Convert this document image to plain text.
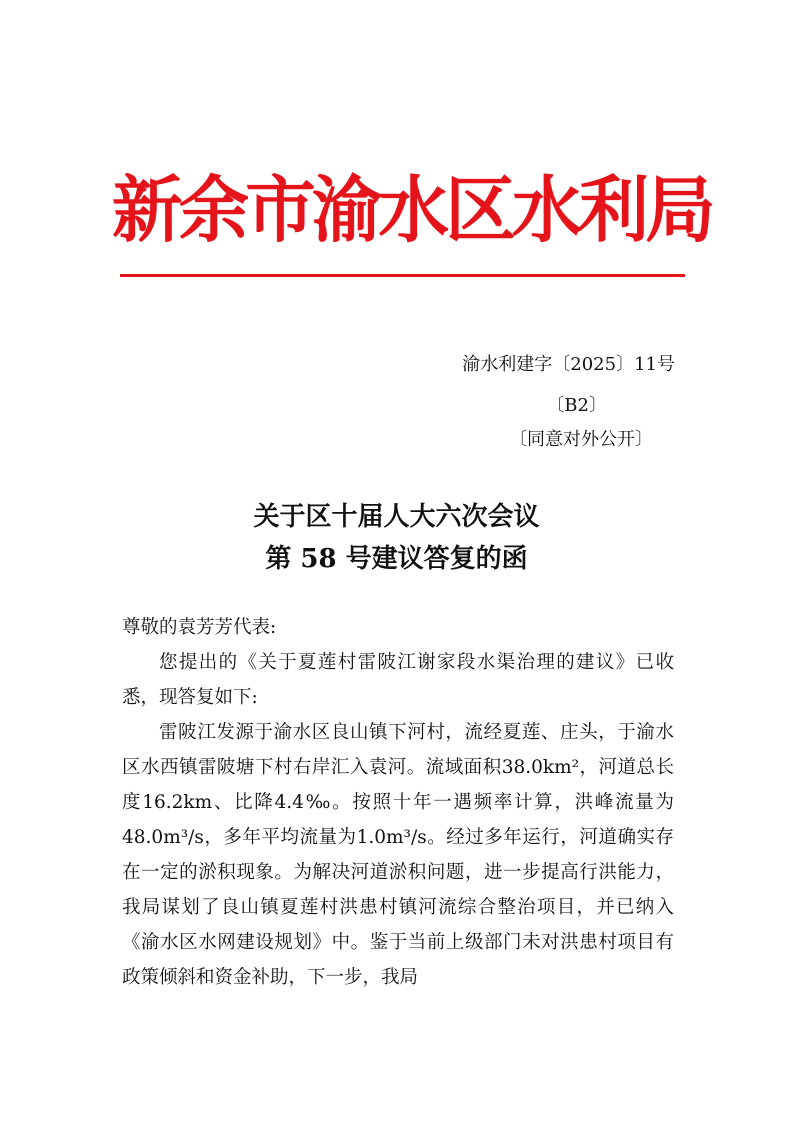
新余市渝水区水利局
渝水利建字〔2025〕11号
〔B2〕
〔同意对外公开〕
关于区十届人大六次会议
第 58 号建议答复的函

尊敬的袁芳芳代表:

您提出的《关于夏莲村雷陂江谢家段水渠治理的建议》已收悉，现答复如下:

雷陂江发源于渝水区良山镇下河村，流经夏莲、庄头，于渝水区水西镇雷陂塘下村右岸汇入袁河。流域面积38.0km²，河道总长度16.2km、比降4.4‰。按照十年一遇频率计算，洪峰流量为48.0m³/s，多年平均流量为1.0m³/s。经过多年运行，河道确实存在一定的淤积现象。为解决河道淤积问题，进一步提高行洪能力，我局谋划了良山镇夏莲村洪患村镇河流综合整治项目，并已纳入《渝水区水网建设规划》中。鉴于当前上级部门未对洪患村项目有政策倾斜和资金补助，下一步，我局
